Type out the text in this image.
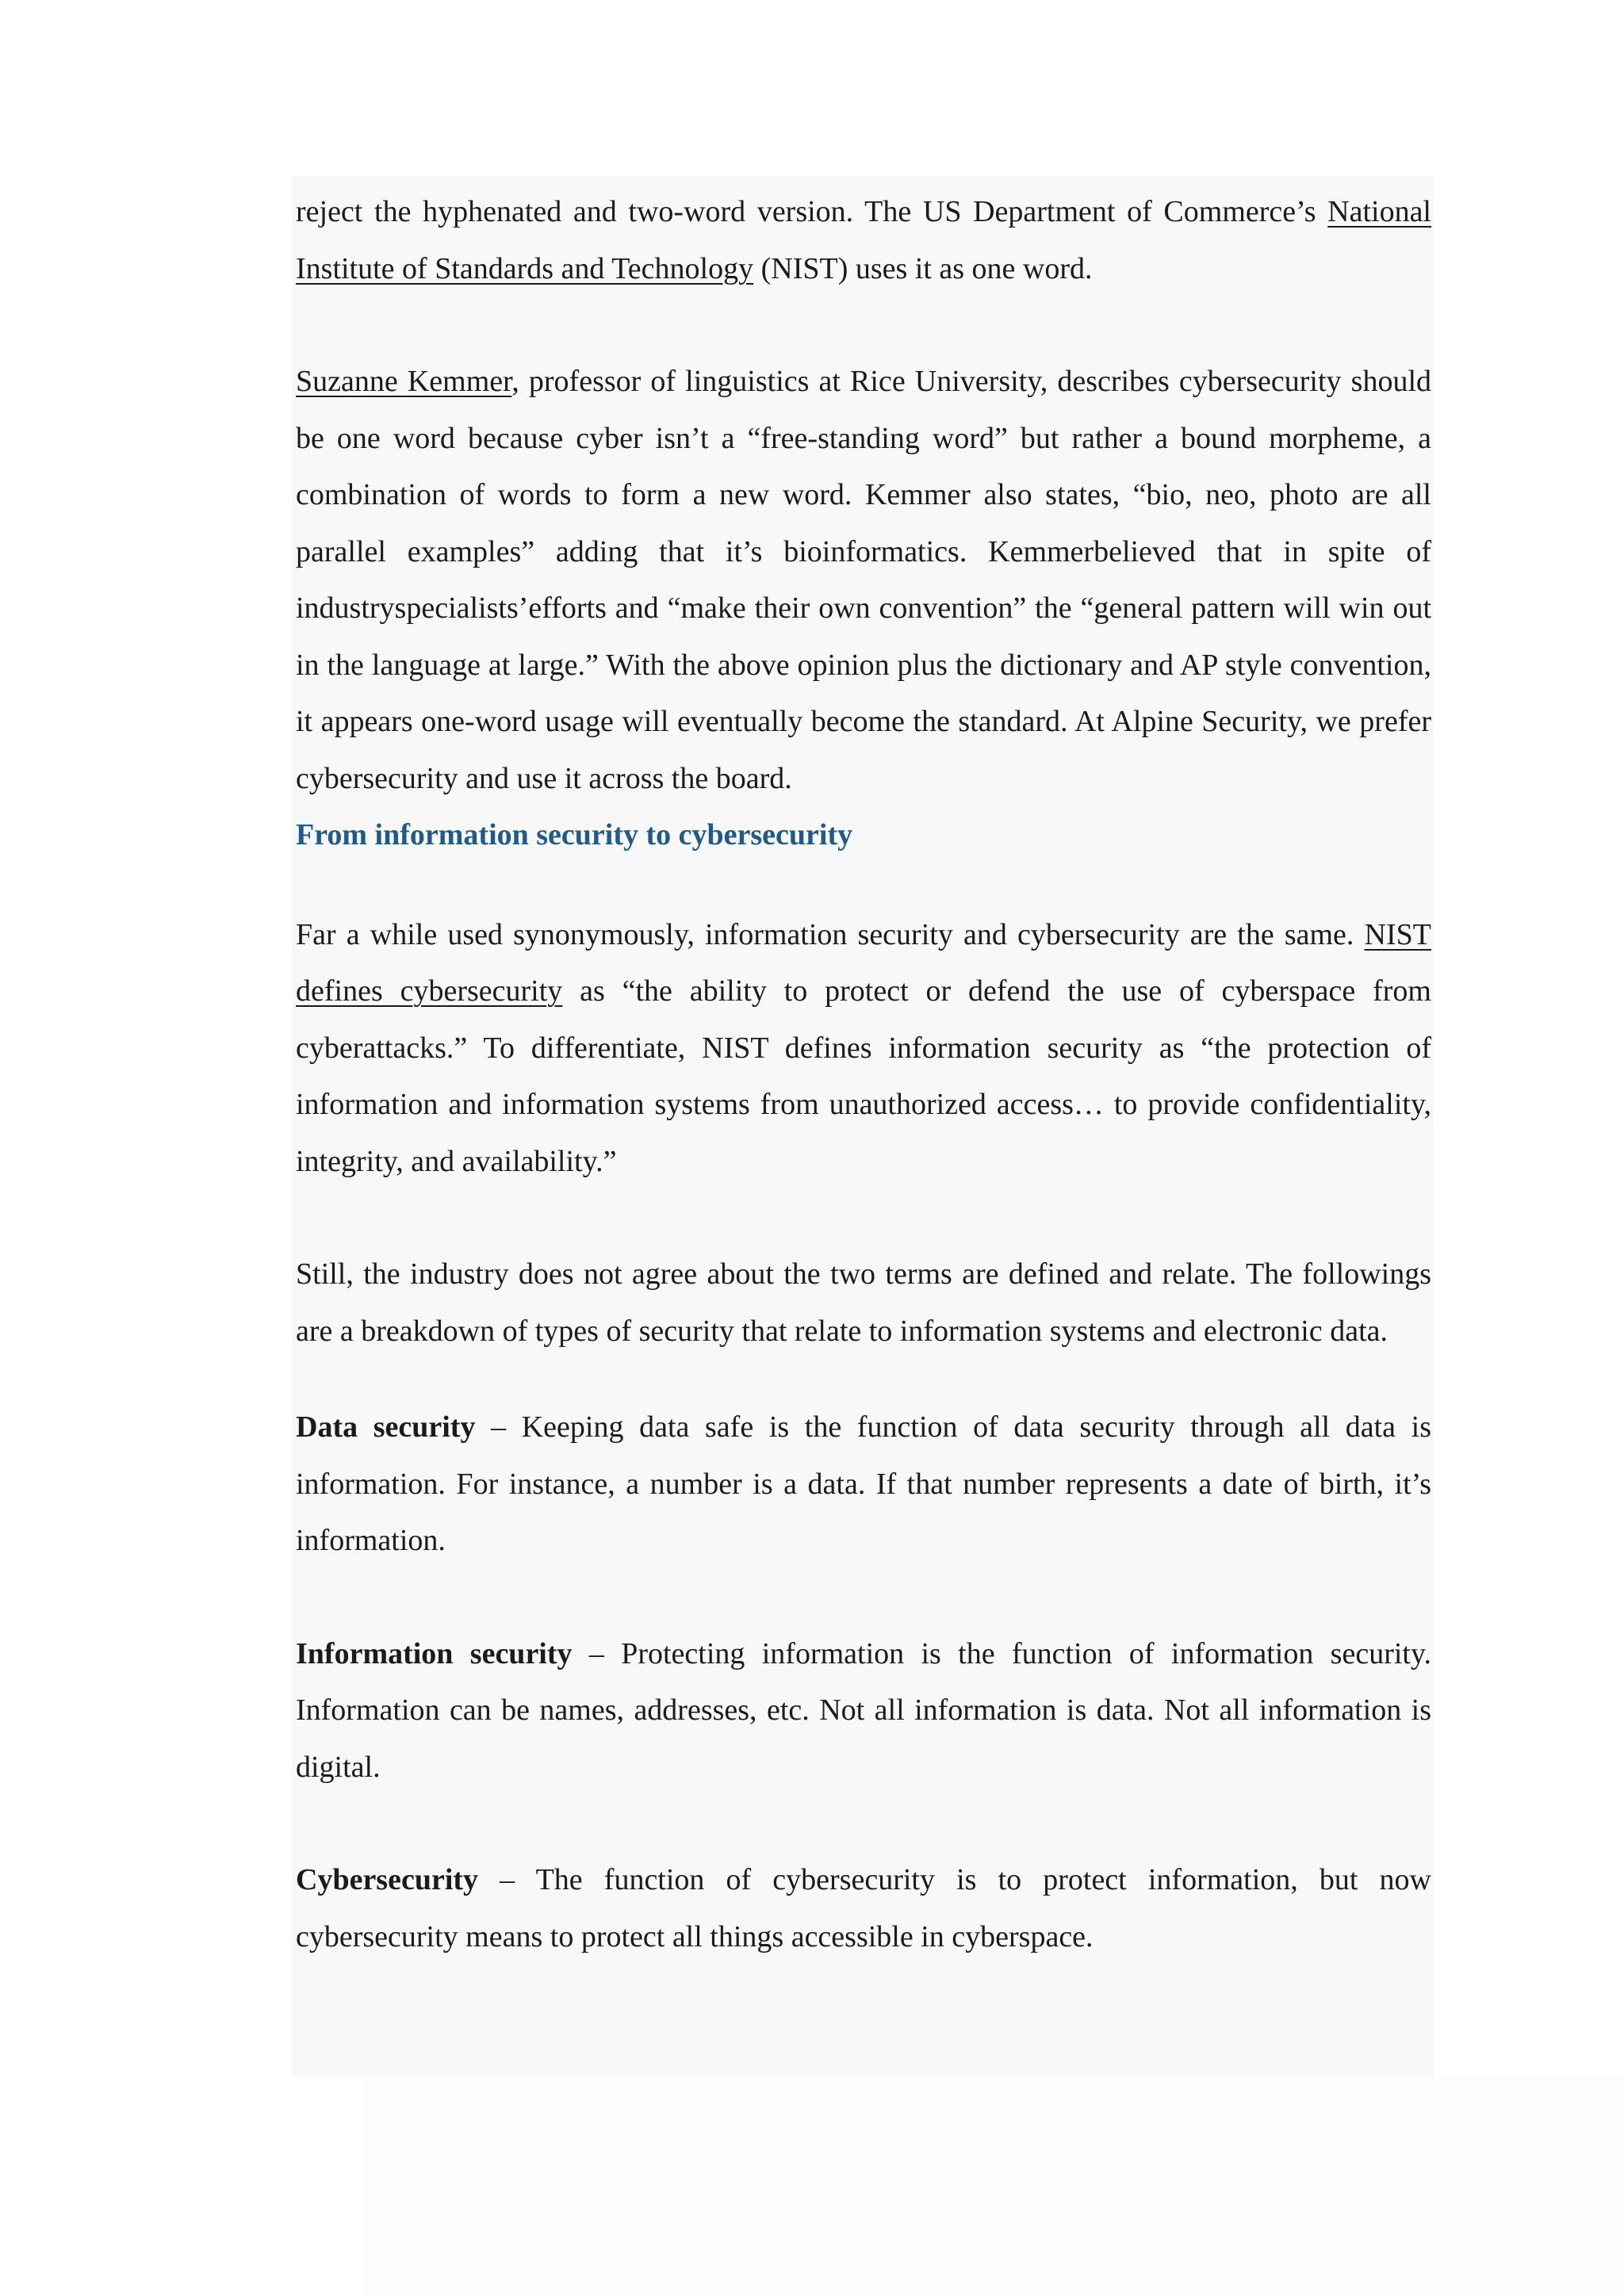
reject the hyphenated and two-word version. The US Department of Commerce’s National Institute of Standards and Technology (NIST) uses it as one word.

Suzanne Kemmer, professor of linguistics at Rice University, describes cybersecurity should be one word because cyber isn’t a “free-standing word” but rather a bound morpheme, a combination of words to form a new word. Kemmer also states, “bio, neo, photo are all parallel examples” adding that it’s bioinformatics. Kemmerbelieved that in spite of industryspecialists’efforts and “make their own convention” the “general pattern will win out in the language at large.” With the above opinion plus the dictionary and AP style convention, it appears one-word usage will eventually become the standard. At Alpine Security, we prefer cybersecurity and use it across the board.

From information security to cybersecurity

Far a while used synonymously, information security and cybersecurity are the same. NIST defines cybersecurity as “the ability to protect or defend the use of cyberspace from cyberattacks.” To differentiate, NIST defines information security as “the protection of information and information systems from unauthorized access… to provide confidentiality, integrity, and availability.”

Still, the industry does not agree about the two terms are defined and relate. The followings are a breakdown of types of security that relate to information systems and electronic data.

Data security – Keeping data safe is the function of data security through all data is information. For instance, a number is a data. If that number represents a date of birth, it’s information.

Information security – Protecting information is the function of information security. Information can be names, addresses, etc. Not all information is data. Not all information is digital.

Cybersecurity – The function of cybersecurity is to protect information, but now cybersecurity means to protect all things accessible in cyberspace.
